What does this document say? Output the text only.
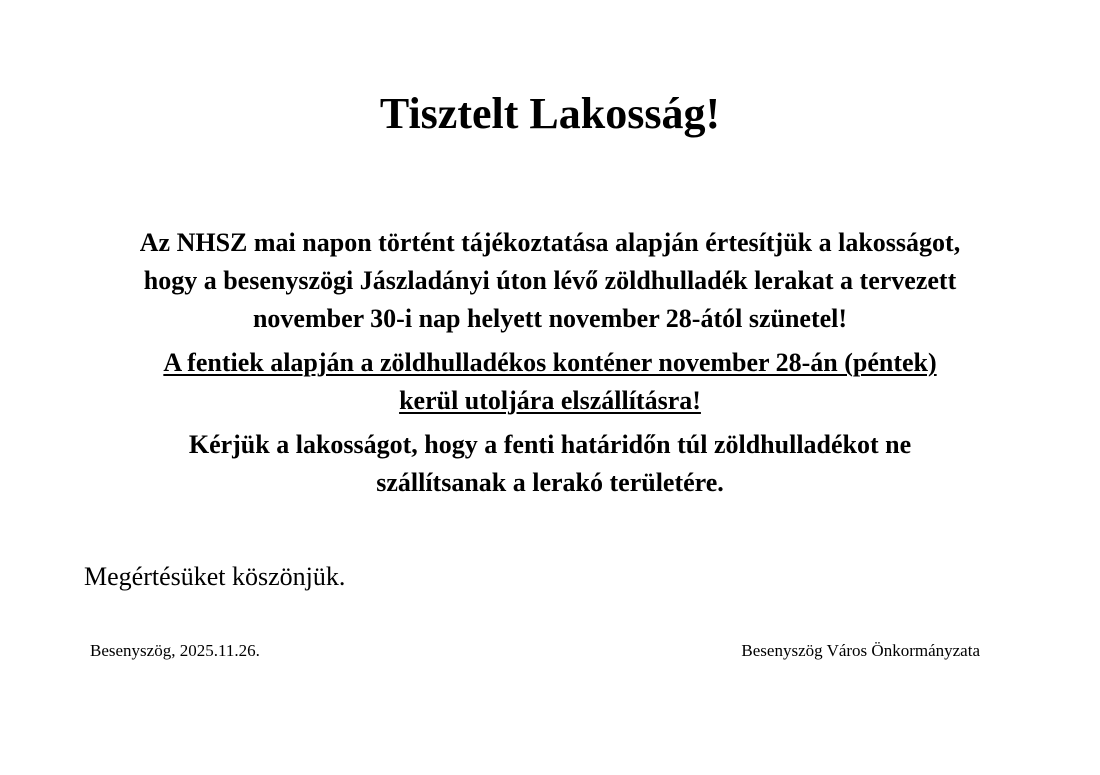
Tisztelt Lakosság!

Az NHSZ mai napon történt tájékoztatása alapján értesítjük a lakosságot,
hogy a besenyszögi Jászladányi úton lévő zöldhulladék lerakat a tervezett
november 30-i nap helyett november 28-ától szünetel!

A fentiek alapján a zöldhulladékos konténer november 28-án (péntek)
kerül utoljára elszállításra!

Kérjük a lakosságot, hogy a fenti határidőn túl zöldhulladékot ne
szállítsanak a lerakó területére.

Megértésüket köszönjük.

Besenyszög, 2025.11.26.	Besenyszög Város Önkormányzata
